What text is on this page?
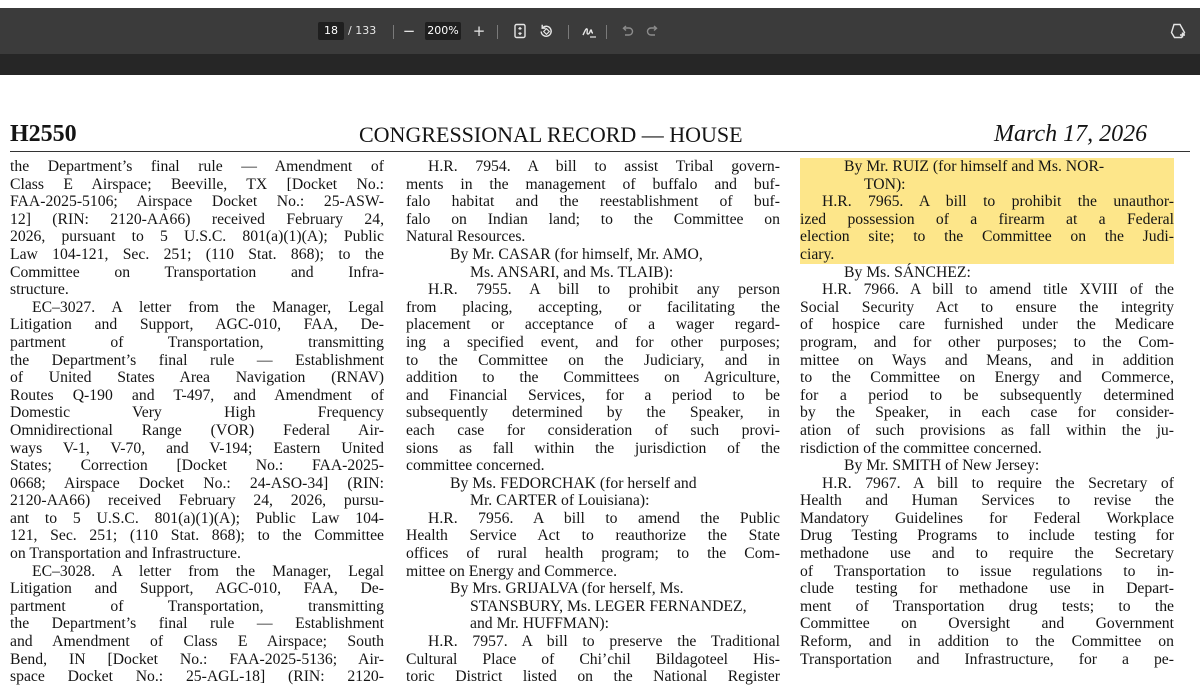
18 / 133 −	200% +
H2550	CONGRESSIONAL RECORD — HOUSE	March 17, 2026

the Department’s final rule — Amendment of

Class E Airspace; Beeville, TX [Docket No.:

FAA-2025-5106; Airspace Docket No.: 25-ASW-

12] (RIN: 2120-AA66) received February 24,

2026, pursuant to 5 U.S.C. 801(a)(1)(A); Public

Law 104-121, Sec. 251; (110 Stat. 868); to the

Committee on Transportation and Infra-

structure.

EC–3027. A letter from the Manager, Legal

Litigation and Support, AGC-010, FAA, De-

partment of Transportation, transmitting

the Department’s final rule — Establishment

of United States Area Navigation (RNAV)

Routes Q-190 and T-497, and Amendment of

Domestic Very High Frequency

Omnidirectional Range (VOR) Federal Air-

ways V-1, V-70, and V-194; Eastern United

States; Correction [Docket No.: FAA-2025-

0668; Airspace Docket No.: 24-ASO-34] (RIN:

2120-AA66) received February 24, 2026, pursu-

ant to 5 U.S.C. 801(a)(1)(A); Public Law 104-

121, Sec. 251; (110 Stat. 868); to the Committee

on Transportation and Infrastructure.

EC–3028. A letter from the Manager, Legal

Litigation and Support, AGC-010, FAA, De-

partment of Transportation, transmitting

the Department’s final rule — Establishment

and Amendment of Class E Airspace; South

Bend, IN [Docket No.: FAA-2025-5136; Air-

space Docket No.: 25-AGL-18] (RIN: 2120-

H.R. 7954. A bill to assist Tribal govern-

ments in the management of buffalo and buf-

falo habitat and the reestablishment of buf-

falo on Indian land; to the Committee on

Natural Resources.

By Mr. CASAR (for himself, Mr. AMO,

Ms. ANSARI, and Ms. TLAIB):

H.R. 7955. A bill to prohibit any person

from placing, accepting, or facilitating the

placement or acceptance of a wager regard-

ing a specified event, and for other purposes;

to the Committee on the Judiciary, and in

addition to the Committees on Agriculture,

and Financial Services, for a period to be

subsequently determined by the Speaker, in

each case for consideration of such provi-

sions as fall within the jurisdiction of the

committee concerned.

By Ms. FEDORCHAK (for herself and

Mr. CARTER of Louisiana):

H.R. 7956. A bill to amend the Public

Health Service Act to reauthorize the State

offices of rural health program; to the Com-

mittee on Energy and Commerce.

By Mrs. GRIJALVA (for herself, Ms.

STANSBURY, Ms. LEGER FERNANDEZ,

and Mr. HUFFMAN):

H.R. 7957. A bill to preserve the Traditional

Cultural Place of Chi’chil Bildagoteel His-

toric District listed on the National Register

By Mr. RUIZ (for himself and Ms. NOR-

TON):

H.R. 7965. A bill to prohibit the unauthor-

ized possession of a firearm at a Federal

election site; to the Committee on the Judi-

ciary.

By Ms. SÁNCHEZ:

H.R. 7966. A bill to amend title XVIII of the

Social Security Act to ensure the integrity

of hospice care furnished under the Medicare

program, and for other purposes; to the Com-

mittee on Ways and Means, and in addition

to the Committee on Energy and Commerce,

for a period to be subsequently determined

by the Speaker, in each case for consider-

ation of such provisions as fall within the ju-

risdiction of the committee concerned.

By Mr. SMITH of New Jersey:

H.R. 7967. A bill to require the Secretary of

Health and Human Services to revise the

Mandatory Guidelines for Federal Workplace

Drug Testing Programs to include testing for

methadone use and to require the Secretary

of Transportation to issue regulations to in-

clude testing for methadone use in Depart-

ment of Transportation drug tests; to the

Committee on Oversight and Government

Reform, and in addition to the Committee on

Transportation and Infrastructure, for a pe-
